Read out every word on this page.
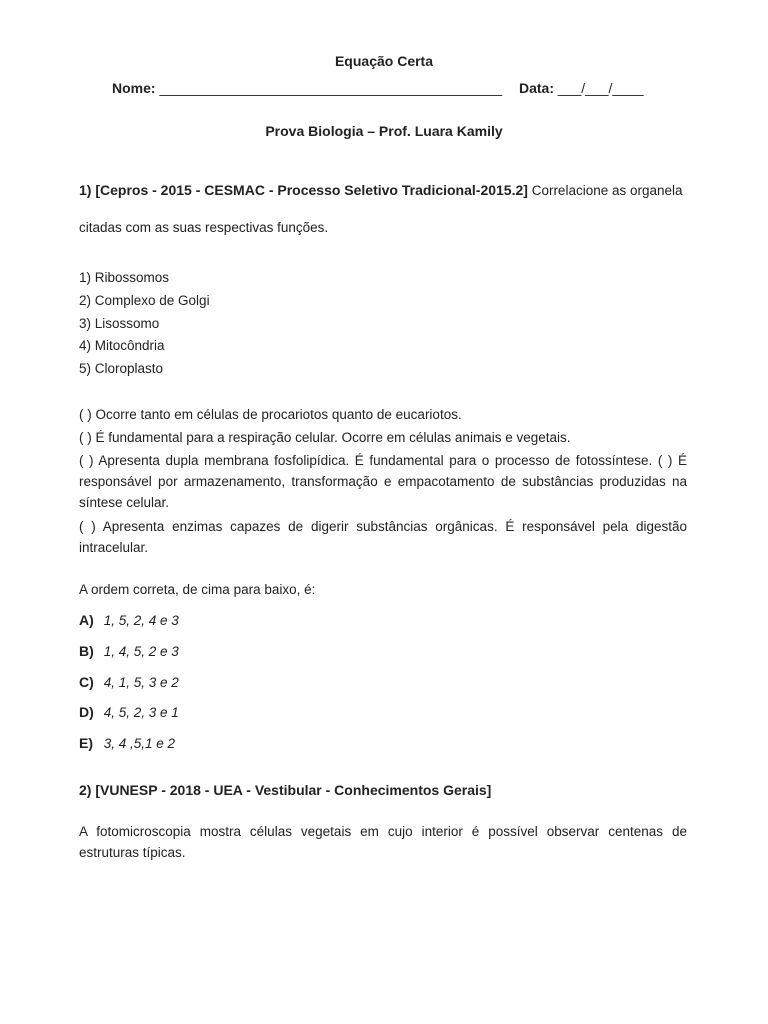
Equação Certa
Nome: ____________________________________________ Data: ___/___/____
Prova Biologia – Prof. Luara Kamily
1) [Cepros - 2015 - CESMAC - Processo Seletivo Tradicional-2015.2] Correlacione as organela
citadas com as suas respectivas funções.
1) Ribossomos
2) Complexo de Golgi
3) Lisossomo
4) Mitocôndria
5) Cloroplasto

( ) Ocorre tanto em células de procariotos quanto de eucariotos.

( ) É fundamental para a respiração celular. Ocorre em células animais e vegetais.

( ) Apresenta dupla membrana fosfolipídica. É fundamental para o processo de fotossíntese. ( ) É responsável por armazenamento, transformação e empacotamento de substâncias produzidas na síntese celular.

( ) Apresenta enzimas capazes de digerir substâncias orgânicas. É responsável pela digestão intracelular.

A ordem correta, de cima para baixo, é:
A) 1, 5, 2, 4 e 3
B) 1, 4, 5, 2 e 3
C) 4, 1, 5, 3 e 2
D) 4, 5, 2, 3 e 1
E) 3, 4 ,5,1 e 2
2) [VUNESP - 2018 - UEA - Vestibular - Conhecimentos Gerais]
A fotomicroscopia mostra células vegetais em cujo interior é possível observar centenas de estruturas típicas.
